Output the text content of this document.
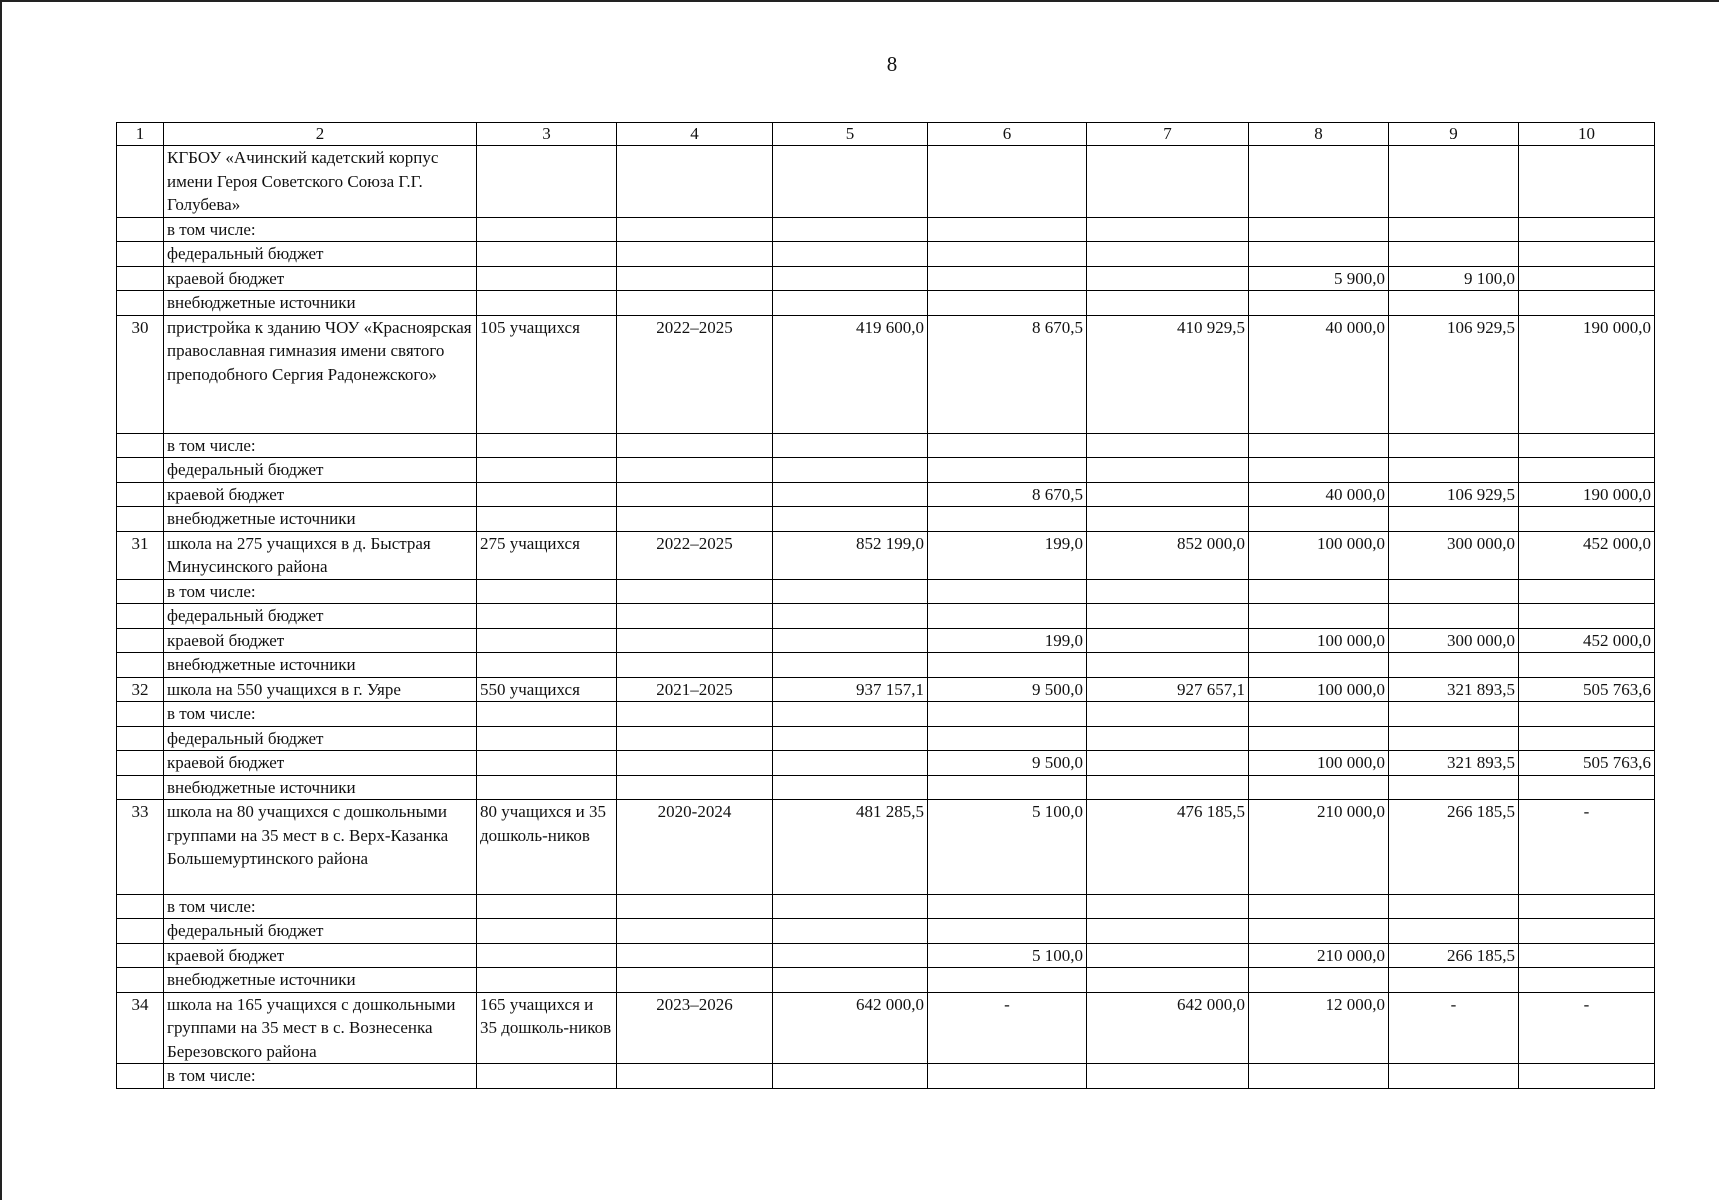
8
1	2	3	4	5	6	7	8	9	10
	КГБОУ «Ачинский кадетский корпус имени Героя Советского Союза Г.Г. Голубева»								
	в том числе:								
	федеральный бюджет								
	краевой бюджет						5 900,0	9 100,0	
	внебюджетные источники								
30	пристройка к зданию ЧОУ «Красноярская православная гимназия имени святого преподобного Сергия Радонежского»	105 учащихся	2022–2025	419 600,0	8 670,5	410 929,5	40 000,0	106 929,5	190 000,0
	в том числе:								
	федеральный бюджет								
	краевой бюджет				8 670,5		40 000,0	106 929,5	190 000,0
	внебюджетные источники								
31	школа на 275 учащихся в д. Быстрая Минусинского района	275 учащихся	2022–2025	852 199,0	199,0	852 000,0	100 000,0	300 000,0	452 000,0
	в том числе:								
	федеральный бюджет								
	краевой бюджет				199,0		100 000,0	300 000,0	452 000,0
	внебюджетные источники								
32	школа на 550 учащихся в г. Уяре	550 учащихся	2021–2025	937 157,1	9 500,0	927 657,1	100 000,0	321 893,5	505 763,6
	в том числе:								
	федеральный бюджет								
	краевой бюджет				9 500,0		100 000,0	321 893,5	505 763,6
	внебюджетные источники								
33	школа на 80 учащихся с дошкольными группами на 35 мест в с. Верх-Казанка Большемуртинского района	80 учащихся и 35 дошколь-ников	2020-2024	481 285,5	5 100,0	476 185,5	210 000,0	266 185,5	-
	в том числе:								
	федеральный бюджет								
	краевой бюджет				5 100,0		210 000,0	266 185,5	
	внебюджетные источники								
34	школа на 165 учащихся с дошкольными группами на 35 мест в с. Вознесенка Березовского района	165 учащихся и 35 дошколь-ников	2023–2026	642 000,0	-	642 000,0	12 000,0	-	-
	в том числе:								
